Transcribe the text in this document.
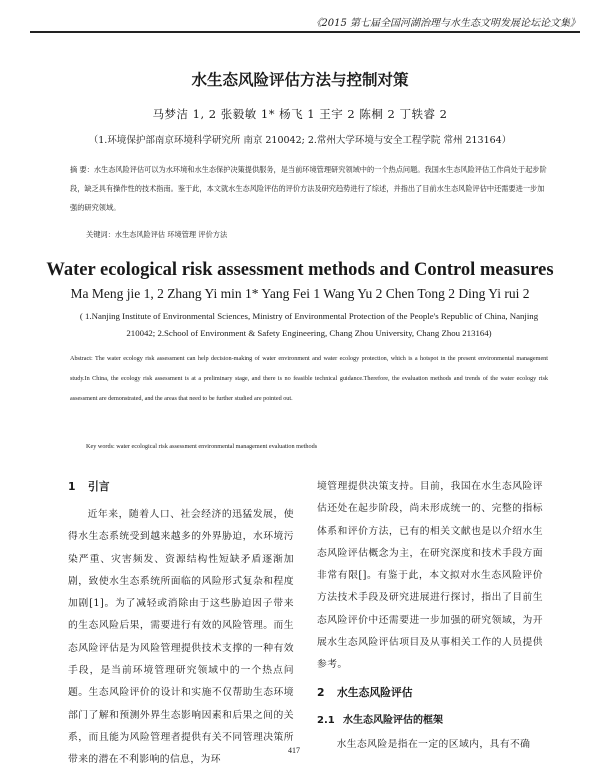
《2015 第七届全国河湖治理与水生态文明发展论坛论文集》
水生态风险评估方法与控制对策
马梦洁 1, 2 张毅敏 1* 杨飞 1 王宇 2 陈桐 2 丁轶睿 2
（1.环境保护部南京环境科学研究所 南京 210042; 2.常州大学环境与安全工程学院 常州 213164）

摘 要：水生态风险评估可以为水环境和水生态保护决策提供服务，是当前环境管理研究领域中的一个热点问题。我国水生态风险评估工作尚处于起步阶段，缺乏具有操作性的技术指南。鉴于此，本文就水生态风险评估的评价方法及研究趋势进行了综述，并指出了目前水生态风险评估中还需要进一步加强的研究领域。

关键词：水生态风险评估 环境管理 评价方法
Water ecological risk assessment methods and Control measures
Ma Meng jie 1, 2 Zhang Yi min 1* Yang Fei 1 Wang Yu 2 Chen Tong 2 Ding Yi rui 2

( 1.Nanjing Institute of Environmental Sciences, Ministry of Environmental Protection of the People's Republic of China, Nanjing 210042; 2.School of Environment & Safety Engineering, Chang Zhou University, Chang Zhou 213164)

Abstract: The water ecology risk assessment can help decision-making of water environment and water ecology protection, which is a hotspot in the present environmental management study.In China, the ecology risk assessment is at a preliminary stage, and there is no feasible technical guidance.Therefore, the evaluation methods and trends of the water ecology risk assessment are demonstrated, and the areas that need to be further studied are pointed out.

Key words: water ecological risk assessment environmental management evaluation methods
1 引言

近年来，随着人口、社会经济的迅猛发展，使得水生态系统受到越来越多的外界胁迫，水环境污染严重、灾害频发、资源结构性短缺矛盾逐渐加剧，致使水生态系统所面临的风险形式复杂和程度加剧[1]。为了减轻或消除由于这些胁迫因子带来的生态风险后果，需要进行有效的风险管理。而生态风险评估是为风险管理提供技术支撑的一种有效手段，是当前环境管理研究领域中的一个热点问题。生态风险评价的设计和实施不仅帮助生态环境部门了解和预测外界生态影响因素和后果之间的关系，而且能为风险管理者提供有关不同管理决策所带来的潜在不利影响的信息，为环

境管理提供决策支持。目前，我国在水生态风险评估还处在起步阶段，尚未形成统一的、完整的指标体系和评价方法，已有的相关文献也是以介绍水生态风险评估概念为主，在研究深度和技术手段方面非常有限[]。有鉴于此，本文拟对水生态风险评价方法技术手段及研究进展进行探讨，指出了目前生态风险评价中还需要进一步加强的研究领域，为开展水生态风险评估项目及从事相关工作的人员提供参考。

2 水生态风险评估
2.1 水生态风险评估的框架

水生态风险是指在一定的区域内，具有不确

417
